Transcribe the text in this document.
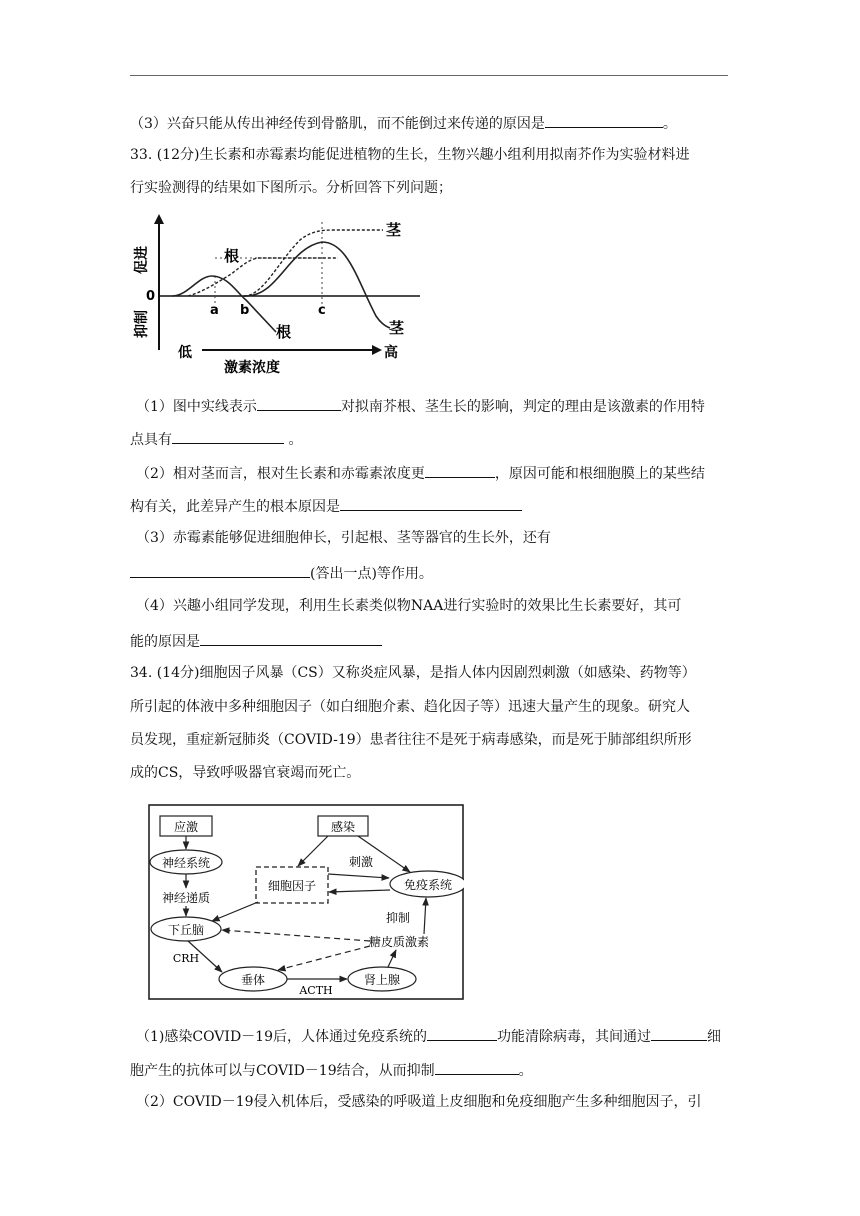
（3）兴奋只能从传出神经传到骨骼肌，而不能倒过来传递的原因是	。
33. (12分)生长素和赤霉素均能促进植物的生长，生物兴趣小组利用拟南芥作为实验材料进
行实验测得的结果如下图所示。分析回答下列问题；
促进
抑制
0
低	高
激素浓度
a b	c
根
茎
根	茎
（1）图中实线表示	对拟南芥根、茎生长的影响，判定的理由是该激素的作用特
点具有	。
（2）相对茎而言，根对生长素和赤霉素浓度更	，原因可能和根细胞膜上的某些结
构有关，此差异产生的根本原因是
（3）赤霉素能够促进细胞伸长，引起根、茎等器官的生长外，还有
(答出一点)等作用。
（4）兴趣小组同学发现，利用生长素类似物NAA进行实验时的效果比生长素要好，其可
能的原因是
34. (14分)细胞因子风暴（CS）又称炎症风暴，是指人体内因剧烈刺激（如感染、药物等）
所引起的体液中多种细胞因子（如白细胞介素、趋化因子等）迅速大量产生的现象。研究人
员发现，重症新冠肺炎（COVID-19）患者往往不是死于病毒感染，而是死于肺部组织所形
成的CS，导致呼吸器官衰竭而死亡。
应激	感染
细胞因子
神经系统
免疫系统
下丘脑
垂体	肾上腺
神经递质
刺激
抑制
糖皮质激素
CRH
ACTH
（1)感染COVID－19后，人体通过免疫系统的	功能清除病毒，其间通过	细
胞产生的抗体可以与COVID－19结合，从而抑制	。
（2）COVID－19侵入机体后，受感染的呼吸道上皮细胞和免疫细胞产生多种细胞因子，引
